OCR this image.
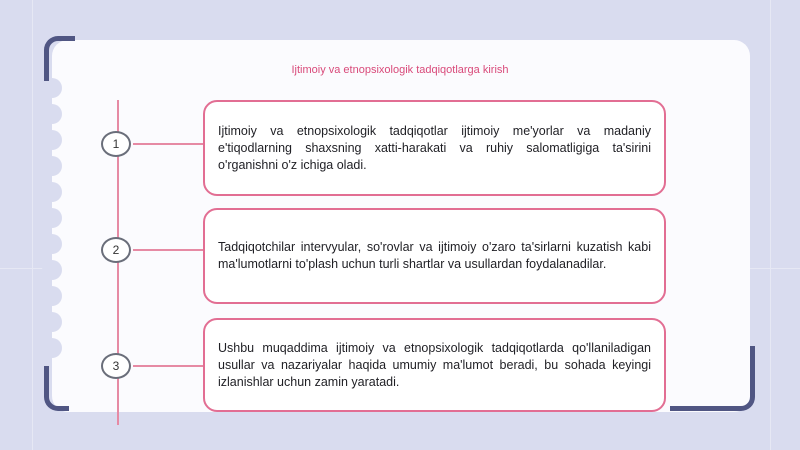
Ijtimoiy va etnopsixologik tadqiqotlarga kirish
1

Ijtimoiy va etnopsixologik tadqiqotlar ijtimoiy me'yorlar va madaniy e'tiqodlarning shaxsning xatti-harakati va ruhiy salomatligiga ta'sirini o'rganishni o'z ichiga oladi.

2	Tadqiqotchilar intervyular, so'rovlar va ijtimoiy o'zaro ta'sirlarni kuzatish kabi ma'lumotlarni to'plash uchun turli shartlar va usullardan foydalanadilar.

3

Ushbu muqaddima ijtimoiy va etnopsixologik tadqiqotlarda qo'llaniladigan usullar va nazariyalar haqida umumiy ma'lumot beradi, bu sohada keyingi izlanishlar uchun zamin yaratadi.
